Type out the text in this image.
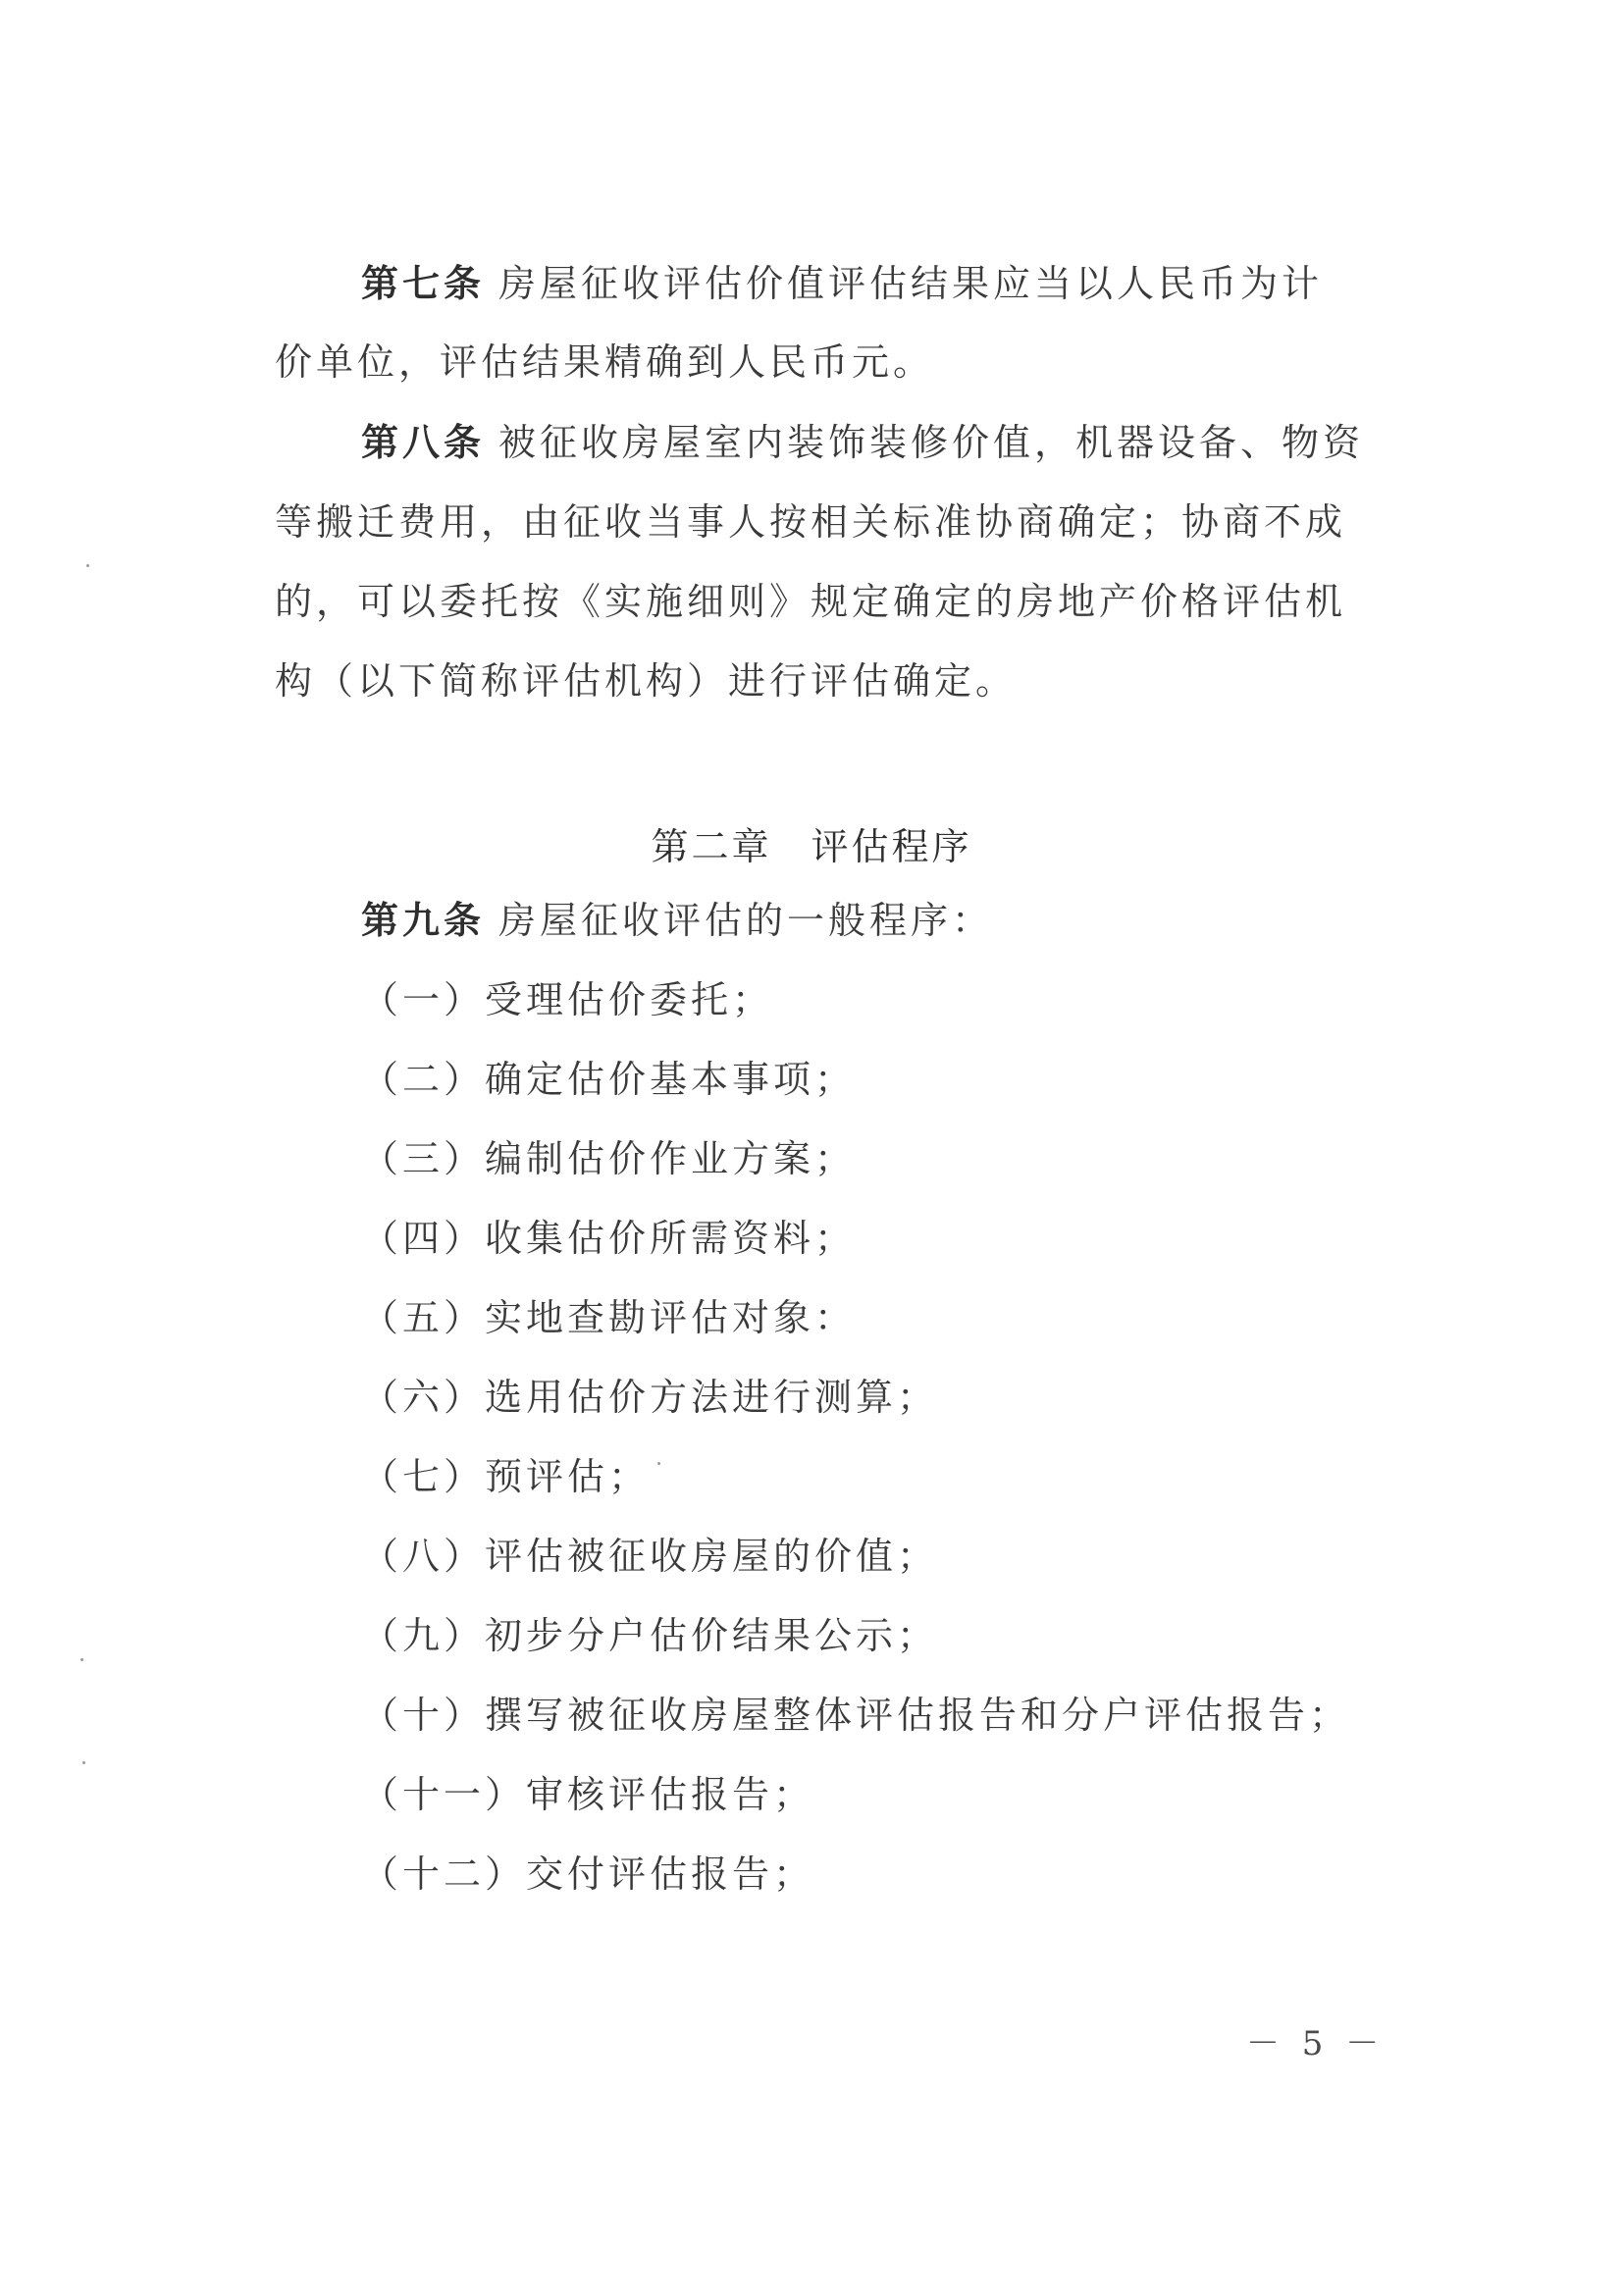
第七条 房屋征收评估价值评估结果应当以人民币为计
价单位，评估结果精确到人民币元。
第八条 被征收房屋室内装饰装修价值，机器设备、物资
等搬迁费用，由征收当事人按相关标准协商确定；协商不成
的，可以委托按《实施细则》规定确定的房地产价格评估机
构（以下简称评估机构）进行评估确定。
第二章 评估程序
第九条 房屋征收评估的一般程序：
（一）受理估价委托；
（二）确定估价基本事项；
（三）编制估价作业方案；
（四）收集估价所需资料；
（五）实地查勘评估对象：
（六）选用估价方法进行测算；
（七）预评估；
（八）评估被征收房屋的价值；
（九）初步分户估价结果公示；
（十）撰写被征收房屋整体评估报告和分户评估报告；
（十一）审核评估报告；
（十二）交付评估报告；
－ 5 －
